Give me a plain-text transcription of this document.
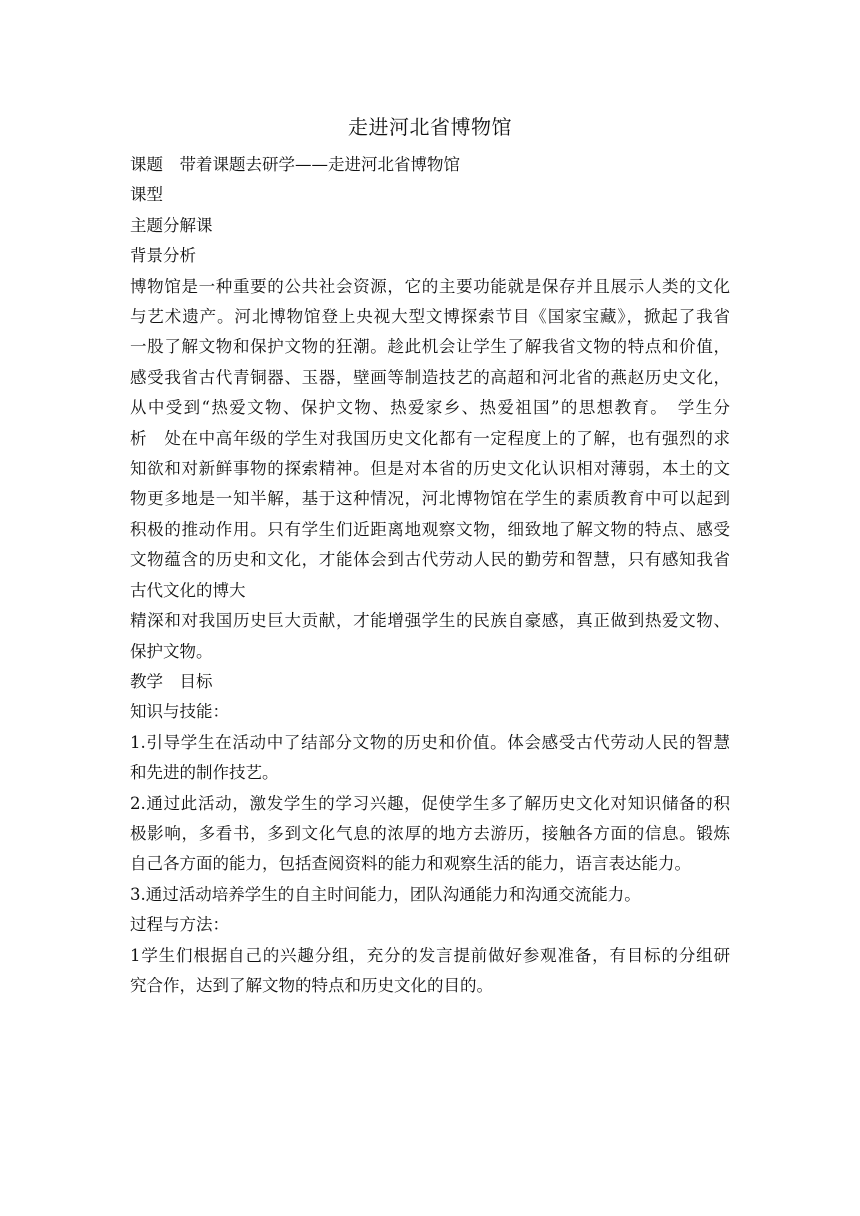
走进河北省博物馆
课题　带着课题去研学——走进河北省博物馆
课型
主题分解课
背景分析
博物馆是一种重要的公共社会资源，它的主要功能就是保存并且展示人类的文化
与艺术遗产。河北博物馆登上央视大型文博探索节目《国家宝藏》，掀起了我省
一股了解文物和保护文物的狂潮。趁此机会让学生了解我省文物的特点和价值，
感受我省古代青铜器、玉器，壁画等制造技艺的高超和河北省的燕赵历史文化，
从中受到“热爱文物、保护文物、热爱家乡、热爱祖国”的思想教育。　学生分
析　处在中高年级的学生对我国历史文化都有一定程度上的了解，也有强烈的求
知欲和对新鲜事物的探索精神。但是对本省的历史文化认识相对薄弱，本土的文
物更多地是一知半解，基于这种情况，河北博物馆在学生的素质教育中可以起到
积极的推动作用。只有学生们近距离地观察文物，细致地了解文物的特点、感受
文物蕴含的历史和文化，才能体会到古代劳动人民的勤劳和智慧，只有感知我省
古代文化的博大
精深和对我国历史巨大贡献，才能增强学生的民族自豪感，真正做到热爱文物、
保护文物。
教学　目标
知识与技能：
1.引导学生在活动中了结部分文物的历史和价值。体会感受古代劳动人民的智慧
和先进的制作技艺。
2.通过此活动，激发学生的学习兴趣，促使学生多了解历史文化对知识储备的积
极影响，多看书，多到文化气息的浓厚的地方去游历，接触各方面的信息。锻炼
自己各方面的能力，包括查阅资料的能力和观察生活的能力，语言表达能力。
3.通过活动培养学生的自主时间能力，团队沟通能力和沟通交流能力。
过程与方法：
1学生们根据自己的兴趣分组，充分的发言提前做好参观准备，有目标的分组研
究合作，达到了解文物的特点和历史文化的目的。
